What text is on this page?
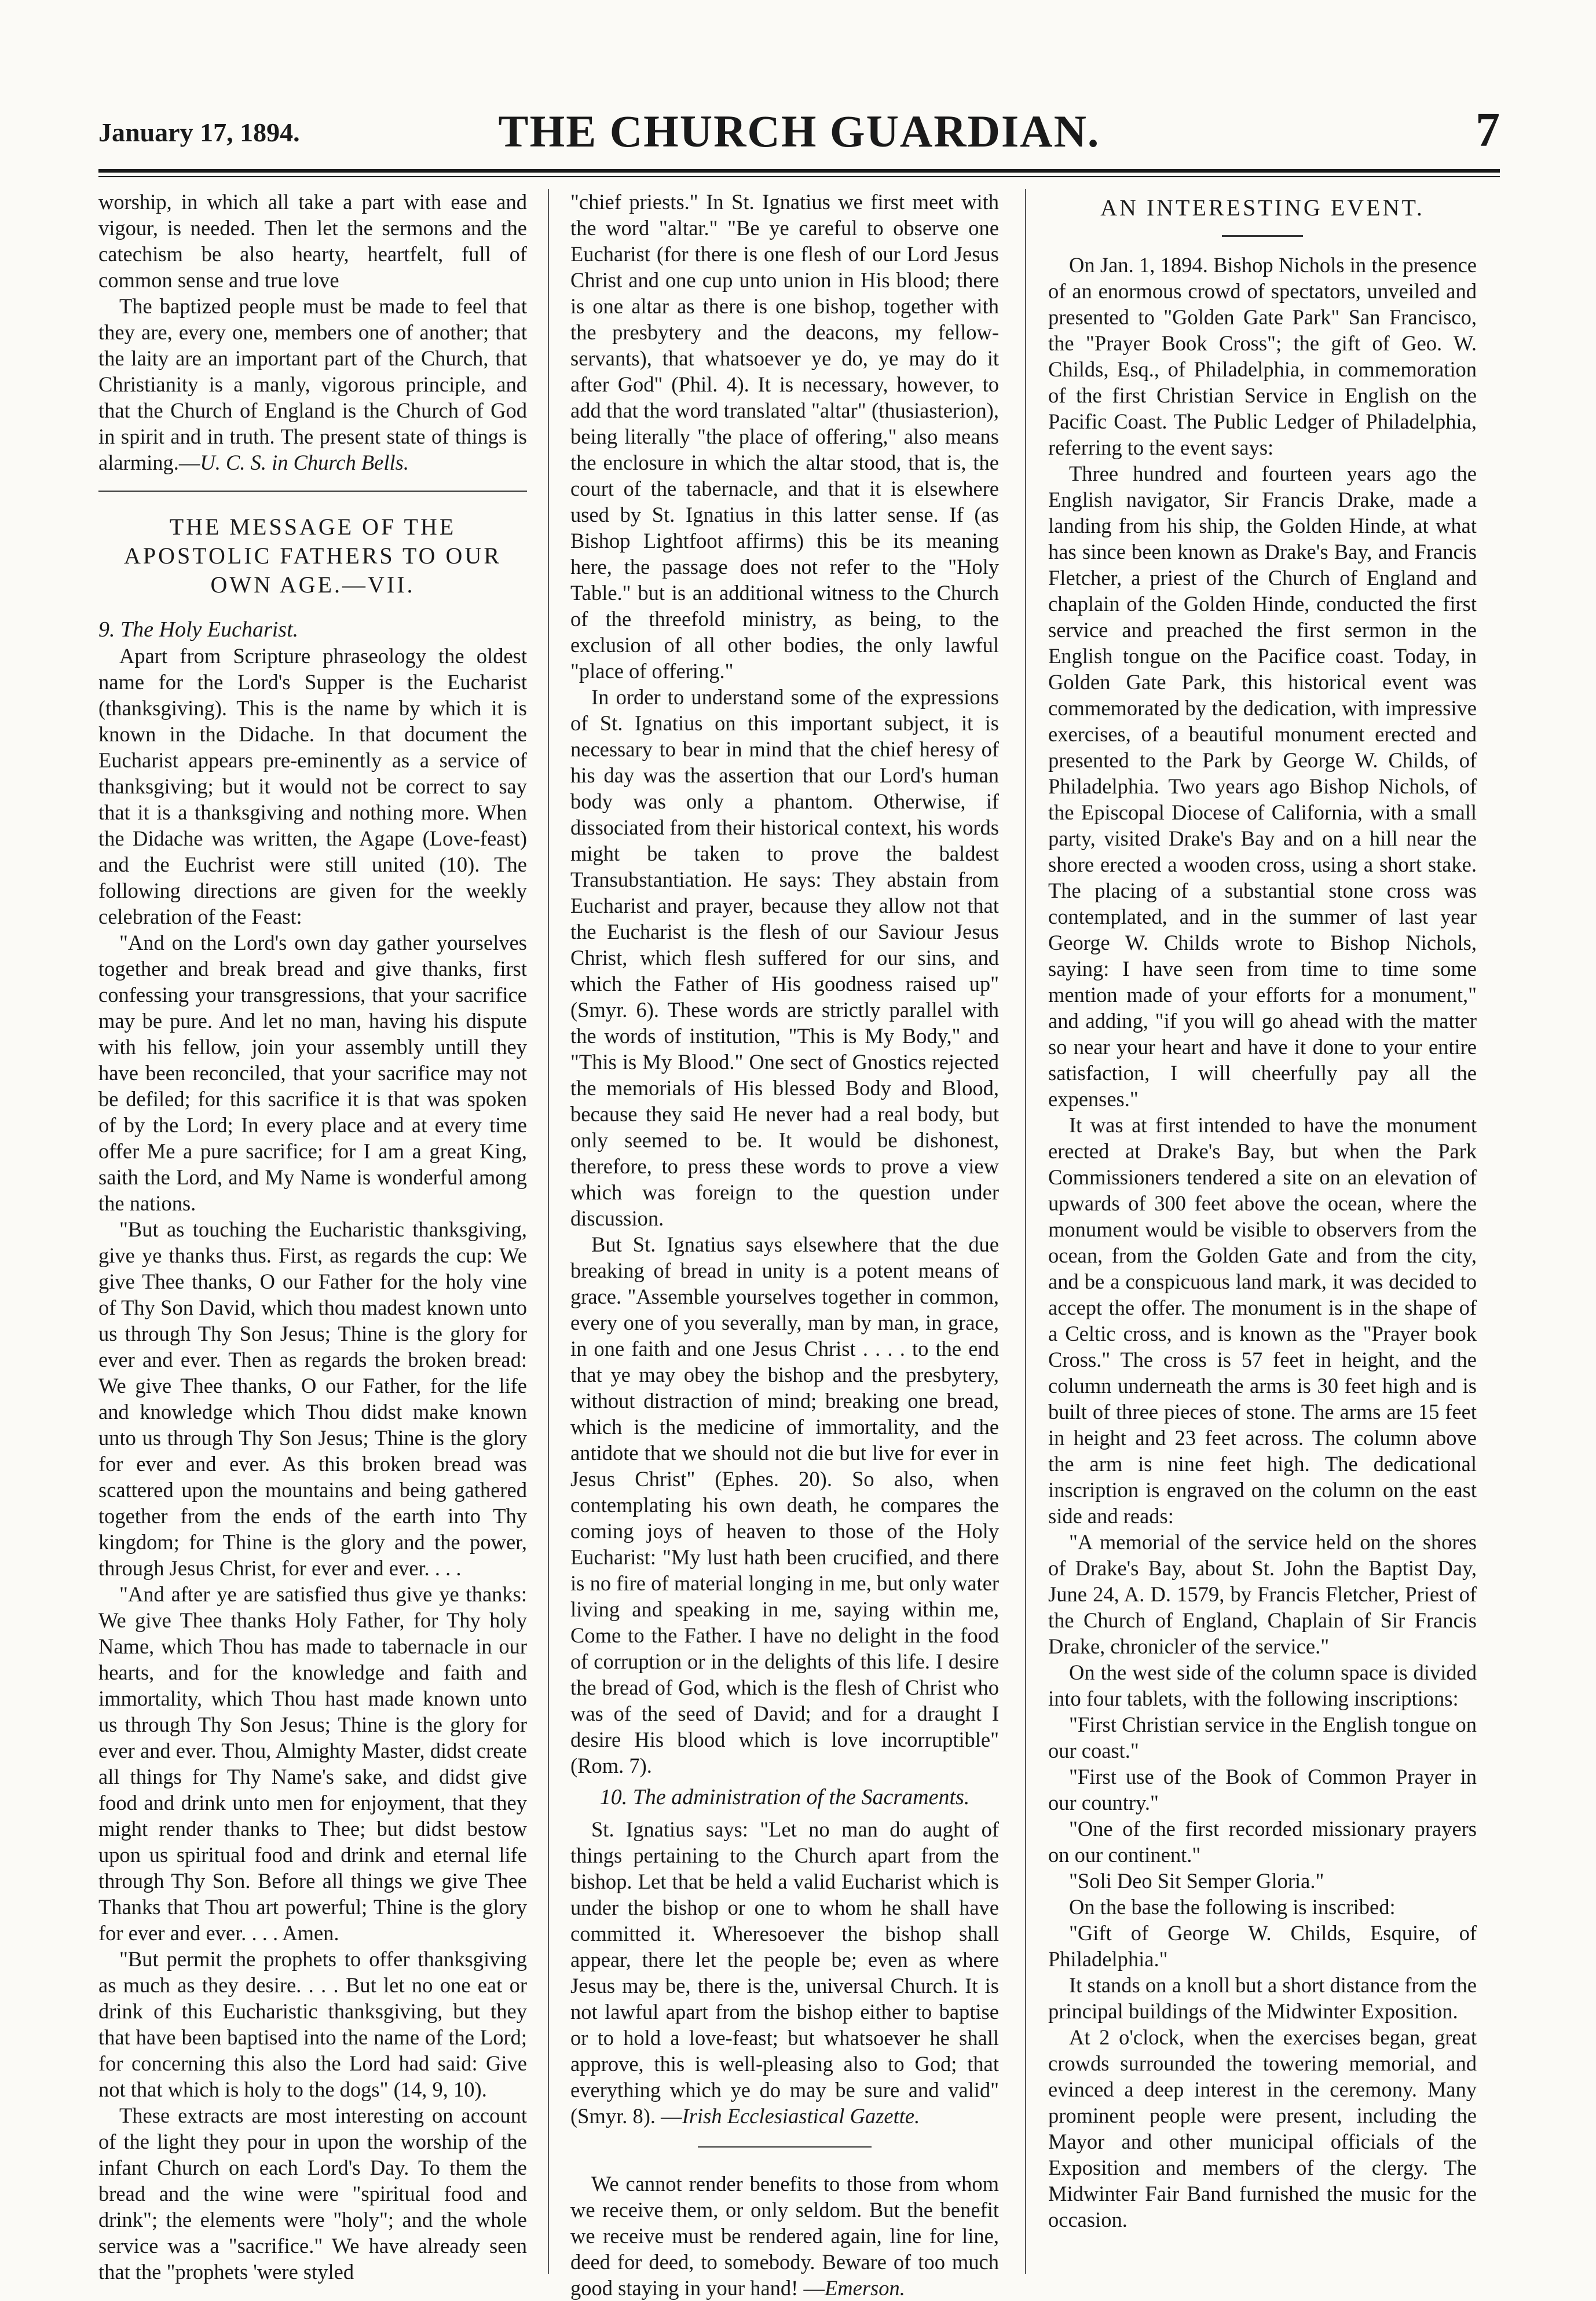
January 17, 1894.	THE CHURCH GUARDIAN.	7

worship, in which all take a part with ease and vigour, is needed. Then let the sermons and the catechism be also hearty, heartfelt, full of common sense and true love

The baptized people must be made to feel that they are, every one, members one of another; that the laity are an important part of the Church, that Christianity is a manly, vigorous principle, and that the Church of England is the Church of God in spirit and in truth. The present state of things is alarming.—U. C. S. in Church Bells.

THE MESSAGE OF THE APOSTOLIC FATHERS TO OUR OWN AGE.—VII.
9. The Holy Eucharist.

Apart from Scripture phraseology the oldest name for the Lord's Supper is the Eucharist (thanksgiving). This is the name by which it is known in the Didache. In that document the Eucharist appears pre-eminently as a service of thanksgiving; but it would not be correct to say that it is a thanksgiving and nothing more. When the Didache was written, the Agape (Love-feast) and the Euchrist were still united (10). The following directions are given for the weekly celebration of the Feast:

"And on the Lord's own day gather yourselves together and break bread and give thanks, first confessing your transgressions, that your sacrifice may be pure. And let no man, having his dispute with his fellow, join your assembly untill they have been reconciled, that your sacrifice may not be defiled; for this sacrifice it is that was spoken of by the Lord; In every place and at every time offer Me a pure sacrifice; for I am a great King, saith the Lord, and My Name is wonderful among the nations.

"But as touching the Eucharistic thanksgiving, give ye thanks thus. First, as regards the cup: We give Thee thanks, O our Father for the holy vine of Thy Son David, which thou madest known unto us through Thy Son Jesus; Thine is the glory for ever and ever. Then as regards the broken bread: We give Thee thanks, O our Father, for the life and knowledge which Thou didst make known unto us through Thy Son Jesus; Thine is the glory for ever and ever. As this broken bread was scattered upon the mountains and being gathered together from the ends of the earth into Thy kingdom; for Thine is the glory and the power, through Jesus Christ, for ever and ever. . . .

"And after ye are satisfied thus give ye thanks: We give Thee thanks Holy Father, for Thy holy Name, which Thou has made to tabernacle in our hearts, and for the knowledge and faith and immortality, which Thou hast made known unto us through Thy Son Jesus; Thine is the glory for ever and ever. Thou, Almighty Master, didst create all things for Thy Name's sake, and didst give food and drink unto men for enjoyment, that they might render thanks to Thee; but didst bestow upon us spiritual food and drink and eternal life through Thy Son. Before all things we give Thee Thanks that Thou art powerful; Thine is the glory for ever and ever. . . . Amen.

"But permit the prophets to offer thanksgiving as much as they desire. . . . But let no one eat or drink of this Eucharistic thanksgiving, but they that have been baptised into the name of the Lord; for concerning this also the Lord had said: Give not that which is holy to the dogs" (14, 9, 10).

These extracts are most interesting on account of the light they pour in upon the worship of the infant Church on each Lord's Day. To them the bread and the wine were "spiritual food and drink"; the elements were "holy"; and the whole service was a "sacrifice." We have already seen that the "prophets 'were styled

"chief priests." In St. Ignatius we first meet with the word "altar." "Be ye careful to observe one Eucharist (for there is one flesh of our Lord Jesus Christ and one cup unto union in His blood; there is one altar as there is one bishop, together with the presbytery and the deacons, my fellow-servants), that whatsoever ye do, ye may do it after God" (Phil. 4). It is necessary, however, to add that the word translated "altar" (thusiasterion), being literally "the place of offering," also means the enclosure in which the altar stood, that is, the court of the tabernacle, and that it is elsewhere used by St. Ignatius in this latter sense. If (as Bishop Lightfoot affirms) this be its meaning here, the passage does not refer to the "Holy Table." but is an additional witness to the Church of the threefold ministry, as being, to the exclusion of all other bodies, the only lawful "place of offering."

In order to understand some of the expressions of St. Ignatius on this important subject, it is necessary to bear in mind that the chief heresy of his day was the assertion that our Lord's human body was only a phantom. Otherwise, if dissociated from their historical context, his words might be taken to prove the baldest Transubstantiation. He says: They abstain from Eucharist and prayer, because they allow not that the Eucharist is the flesh of our Saviour Jesus Christ, which flesh suffered for our sins, and which the Father of His goodness raised up" (Smyr. 6). These words are strictly parallel with the words of institution, "This is My Body," and "This is My Blood." One sect of Gnostics rejected the memorials of His blessed Body and Blood, because they said He never had a real body, but only seemed to be. It would be dishonest, therefore, to press these words to prove a view which was foreign to the question under discussion.

But St. Ignatius says elsewhere that the due breaking of bread in unity is a potent means of grace. "Assemble yourselves together in common, every one of you severally, man by man, in grace, in one faith and one Jesus Christ . . . . to the end that ye may obey the bishop and the presbytery, without distraction of mind; breaking one bread, which is the medicine of immortality, and the antidote that we should not die but live for ever in Jesus Christ" (Ephes. 20). So also, when contemplating his own death, he compares the coming joys of heaven to those of the Holy Eucharist: "My lust hath been crucified, and there is no fire of material longing in me, but only water living and speaking in me, saying within me, Come to the Father. I have no delight in the food of corruption or in the delights of this life. I desire the bread of God, which is the flesh of Christ who was of the seed of David; and for a draught I desire His blood which is love incorruptible" (Rom. 7).

10. The administration of the Sacraments.

St. Ignatius says: "Let no man do aught of things pertaining to the Church apart from the bishop. Let that be held a valid Eucharist which is under the bishop or one to whom he shall have committed it. Wheresoever the bishop shall appear, there let the people be; even as where Jesus may be, there is the, universal Church. It is not lawful apart from the bishop either to baptise or to hold a love-feast; but whatsoever he shall approve, this is well-pleasing also to God; that everything which ye do may be sure and valid" (Smyr. 8). —Irish Ecclesiastical Gazette.

We cannot render benefits to those from whom we receive them, or only seldom. But the benefit we receive must be rendered again, line for line, deed for deed, to somebody. Beware of too much good staying in your hand! —Emerson.

AN INTERESTING EVENT.

On Jan. 1, 1894. Bishop Nichols in the presence of an enormous crowd of spectators, unveiled and presented to "Golden Gate Park" San Francisco, the "Prayer Book Cross"; the gift of Geo. W. Childs, Esq., of Philadelphia, in commemoration of the first Christian Service in English on the Pacific Coast. The Public Ledger of Philadelphia, referring to the event says:

Three hundred and fourteen years ago the English navigator, Sir Francis Drake, made a landing from his ship, the Golden Hinde, at what has since been known as Drake's Bay, and Francis Fletcher, a priest of the Church of England and chaplain of the Golden Hinde, conducted the first service and preached the first sermon in the English tongue on the Pacifice coast. Today, in Golden Gate Park, this historical event was commemorated by the dedication, with impressive exercises, of a beautiful monument erected and presented to the Park by George W. Childs, of Philadelphia. Two years ago Bishop Nichols, of the Episcopal Diocese of California, with a small party, visited Drake's Bay and on a hill near the shore erected a wooden cross, using a short stake. The placing of a substantial stone cross was contemplated, and in the summer of last year George W. Childs wrote to Bishop Nichols, saying: I have seen from time to time some mention made of your efforts for a monument," and adding, "if you will go ahead with the matter so near your heart and have it done to your entire satisfaction, I will cheerfully pay all the expenses."

It was at first intended to have the monument erected at Drake's Bay, but when the Park Commissioners tendered a site on an elevation of upwards of 300 feet above the ocean, where the monument would be visible to observers from the ocean, from the Golden Gate and from the city, and be a conspicuous land mark, it was decided to accept the offer. The monument is in the shape of a Celtic cross, and is known as the "Prayer book Cross." The cross is 57 feet in height, and the column underneath the arms is 30 feet high and is built of three pieces of stone. The arms are 15 feet in height and 23 feet across. The column above the arm is nine feet high. The dedicational inscription is engraved on the column on the east side and reads:

"A memorial of the service held on the shores of Drake's Bay, about St. John the Baptist Day, June 24, A. D. 1579, by Francis Fletcher, Priest of the Church of England, Chaplain of Sir Francis Drake, chronicler of the service."

On the west side of the column space is divided into four tablets, with the following inscriptions:

"First Christian service in the English tongue on our coast."

"First use of the Book of Common Prayer in our country."

"One of the first recorded missionary prayers on our continent."

"Soli Deo Sit Semper Gloria."

On the base the following is inscribed:

"Gift of George W. Childs, Esquire, of Philadelphia."

It stands on a knoll but a short distance from the principal buildings of the Midwinter Exposition.

At 2 o'clock, when the exercises began, great crowds surrounded the towering memorial, and evinced a deep interest in the ceremony. Many prominent people were present, including the Mayor and other municipal officials of the Exposition and members of the clergy. The Midwinter Fair Band furnished the music for the occasion.
